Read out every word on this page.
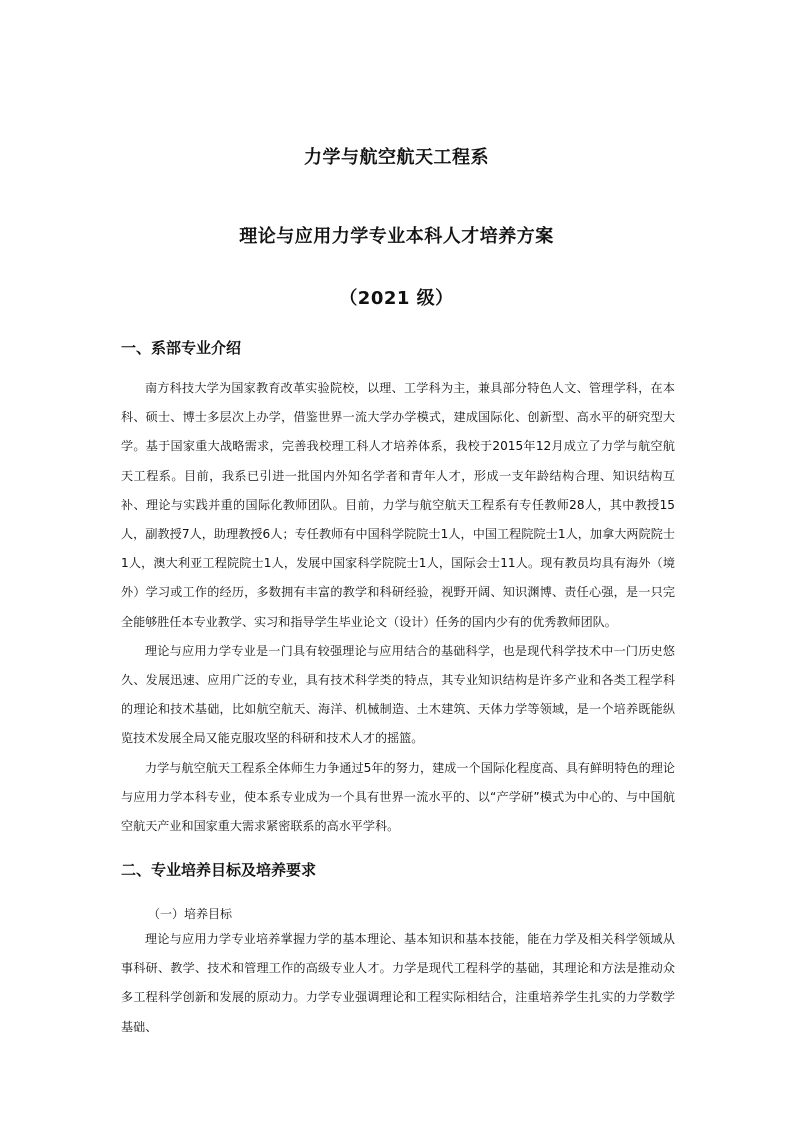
力学与航空航天工程系
理论与应用力学专业本科人才培养方案
（2021 级）
一、系部专业介绍

南方科技大学为国家教育改革实验院校，以理、工学科为主，兼具部分特色人文、管理学科，在本科、硕士、博士多层次上办学，借鉴世界一流大学办学模式，建成国际化、创新型、高水平的研究型大学。基于国家重大战略需求，完善我校理工科人才培养体系，我校于2015年12月成立了力学与航空航天工程系。目前，我系已引进一批国内外知名学者和青年人才，形成一支年龄结构合理、知识结构互补、理论与实践并重的国际化教师团队。目前，力学与航空航天工程系有专任教师28人，其中教授15人，副教授7人，助理教授6人；专任教师有中国科学院院士1人，中国工程院院士1人，加拿大两院院士1人，澳大利亚工程院院士1人，发展中国家科学院院士1人，国际会士11人。现有教员均具有海外（境外）学习或工作的经历，多数拥有丰富的教学和科研经验，视野开阔、知识渊博、责任心强，是一只完全能够胜任本专业教学、实习和指导学生毕业论文（设计）任务的国内少有的优秀教师团队。

理论与应用力学专业是一门具有较强理论与应用结合的基础科学，也是现代科学技术中一门历史悠久、发展迅速、应用广泛的专业，具有技术科学类的特点，其专业知识结构是许多产业和各类工程学科的理论和技术基础，比如航空航天、海洋、机械制造、土木建筑、天体力学等领域，是一个培养既能纵览技术发展全局又能克服攻坚的科研和技术人才的摇篮。

力学与航空航天工程系全体师生力争通过5年的努力，建成一个国际化程度高、具有鲜明特色的理论与应用力学本科专业，使本系专业成为一个具有世界一流水平的、以“产学研”模式为中心的、与中国航空航天产业和国家重大需求紧密联系的高水平学科。

二、专业培养目标及培养要求
（一）培养目标

理论与应用力学专业培养掌握力学的基本理论、基本知识和基本技能，能在力学及相关科学领域从事科研、教学、技术和管理工作的高级专业人才。力学是现代工程科学的基础，其理论和方法是推动众多工程科学创新和发展的原动力。力学专业强调理论和工程实际相结合，注重培养学生扎实的力学数学基础、
